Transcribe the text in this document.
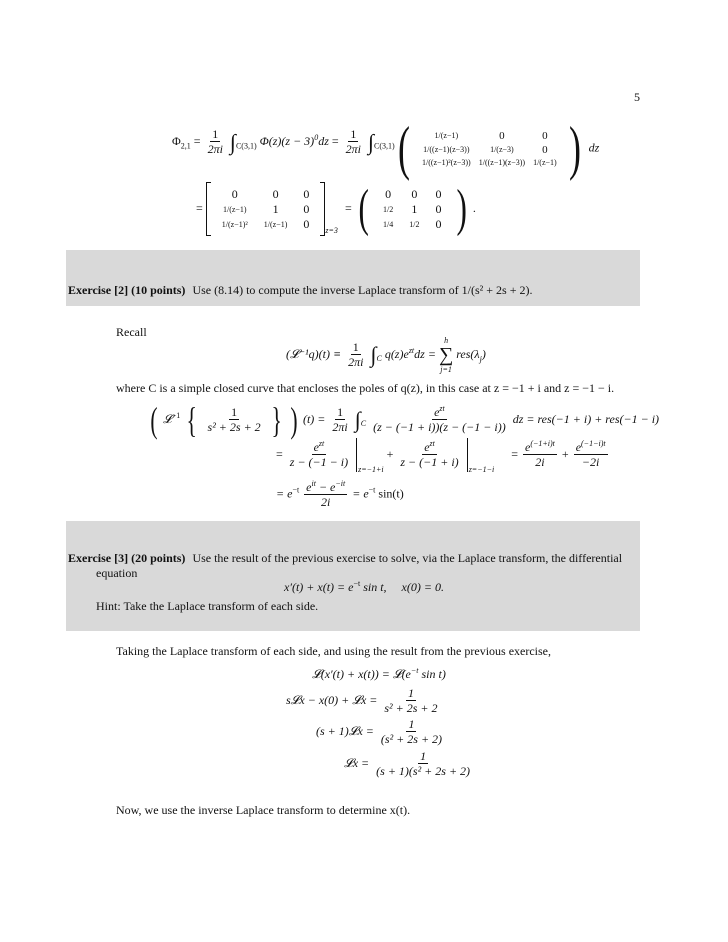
5
$\Phi_{2,1} = \frac{1}{2\pi i} \int_{C(3,1)}$ $\Phi(z)(z - 3)^0dz = \frac{1}{2\pi i} \int_{C(3,1)}$ (	1/(z−1)	0	0
1/((z−1)(z−3))	1/(z−3)	0
1/((z−1)²(z−3))	1/((z−1)(z−3))	1/(z−1) ) dz
=  0	0	0
1/(z−1)	1	0
1/(z−1)²	1/(z−1)	0 $_{z=3}$ = ( 0	0	0
1/2	1	0
1/4	1/2	0 ) .
Exercise [2] (10 points) Use (8.14) to compute the inverse Laplace transform of 1/(s² + 2s + 2).
Recall
(𝓛⁻¹q)(t) ≡ $\frac{1}{2\pi i} \int_C$ $q(z)e^{zt}dz$ =
h
∑
j=1
$res(\lambda_j)$
where C is a simple closed curve that encloses the poles of q(z), in this case at z = −1 + i and z = −1 − i.
( 𝓛$^{-1}$ { $\frac{1}{\text{s² + 2s + 2}}$ } ) $(t) = \frac{1}{2\pi i} \int_C \frac{e^{zt}}{(z - (-1 + i))(z - (-1 - i))}$ dz = res(−1 + i) + res(−1 − i)
= $\frac{e^{zt}}{z - (-1 - i)} _{z=-1+i} + \frac{e^{zt}}{z - (-1 + i)} _{z=-1-i} = \frac{e^{(-1+i)t}}{2i} + \frac{e^{(-1-i)t}}{-2i}$
= $e^{-t} \frac{e^{it} - e^{-it}}{2i} = e^{-t}$ sin(t)
Exercise [3] (20 points) Use the result of the previous exercise to solve, via the Laplace transform, the differential
equation
$x'(t) + x(t) = e^{-t}$ sin t,     x(0) = 0.
Hint: Take the Laplace transform of each side.
Taking the Laplace transform of each side, and using the result from the previous exercise,
𝓛(x′(t) + $x(t)) = 𝓛(e^{-t}$ sin t)
s𝓛x − x(0) + 𝓛x = $\frac{1}{\text{s² + 2s + 2}}$
(s + 1)𝓛x = $\frac{1}{\text{(s² + 2s + 2)}}$
𝓛x = $\frac{1}{\text{(s + 1)(s² + 2s + 2)}}$
Now, we use the inverse Laplace transform to determine x(t).
